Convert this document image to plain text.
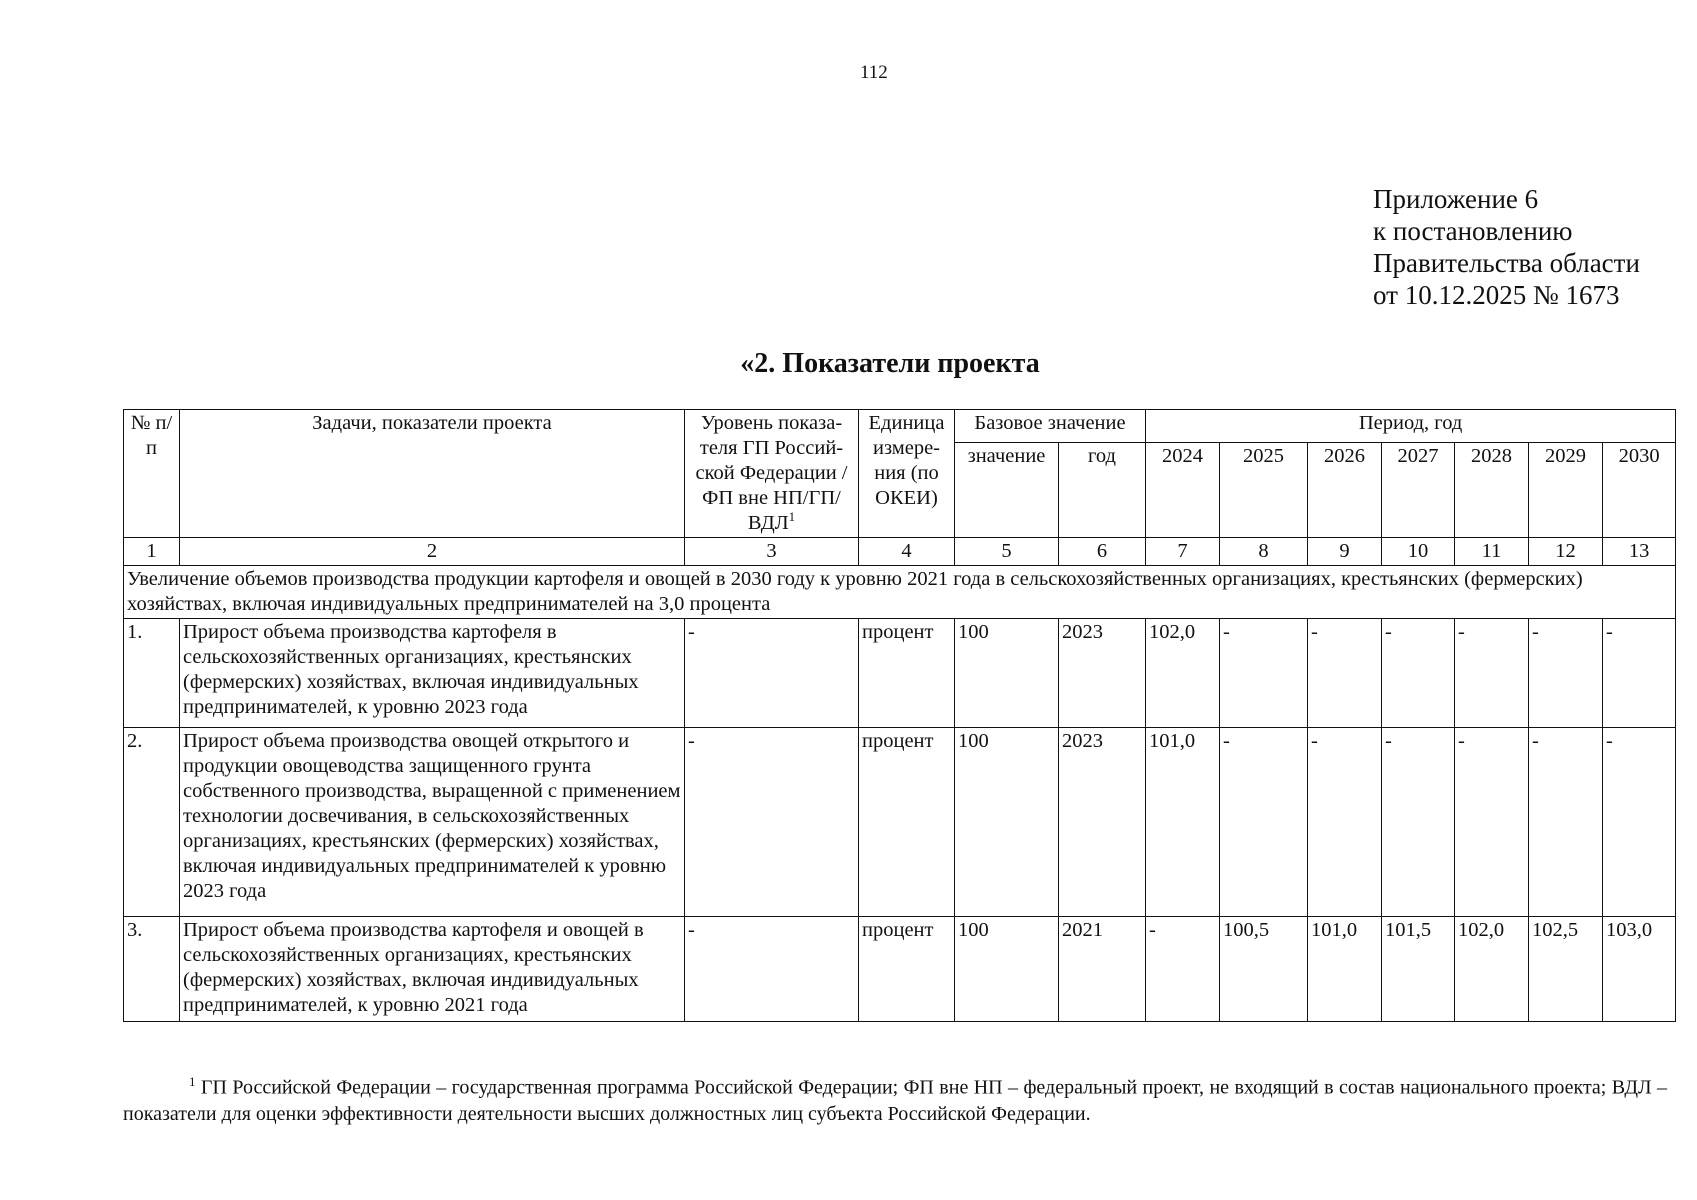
112
Приложение 6
к постановлению
Правительства области
от 10.12.2025 № 1673
«2. Показатели проекта
№ п/п	Задачи, показатели проекта	Уровень показа-теля ГП Россий-ской Федерации / ФП вне НП/ГП/ ВДЛ$^1$	Единица измере-ния (по ОКЕИ)	Базовое значение		Период, год						
				значение	год	2024	2025	2026	2027	2028	2029	2030
1	2	3	4	5	6	7	8	9	10	11	12	13
Увеличение объемов производства продукции картофеля и овощей в 2030 году к уровню 2021 года в сельскохозяйственных организациях, крестьянских (фермерских) хозяйствах, включая индивидуальных предпринимателей на 3,0 процента												
1.	Прирост объема производства картофеля в сельскохозяйственных организациях, крестьянских (фермерских) хозяйствах, включая индивидуальных предпринимателей, к уровню 2023 года	-	процент	100	2023	102,0	-	-	-	-	-	-
2.	Прирост объема производства овощей открытого и продукции овощеводства защищенного грунта собственного производства, выращенной с применением технологии досвечивания, в сельскохозяйственных организациях, крестьянских (фермерских) хозяйствах, включая индивидуальных предпринимателей к уровню 2023 года	-	процент	100	2023	101,0	-	-	-	-	-	-
3.	Прирост объема производства картофеля и овощей в сельскохозяйственных организациях, крестьянских (фермерских) хозяйствах, включая индивидуальных предпринимателей, к уровню 2021 года	-	процент	100	2021	-	100,5	101,0	101,5	102,0	102,5	103,0
$^1$ ГП Российской Федерации – государственная программа Российской Федерации; ФП вне НП – федеральный проект, не входящий в состав национального проекта; ВДЛ – показатели для оценки эффективности деятельности высших должностных лиц субъекта Российской Федерации.
